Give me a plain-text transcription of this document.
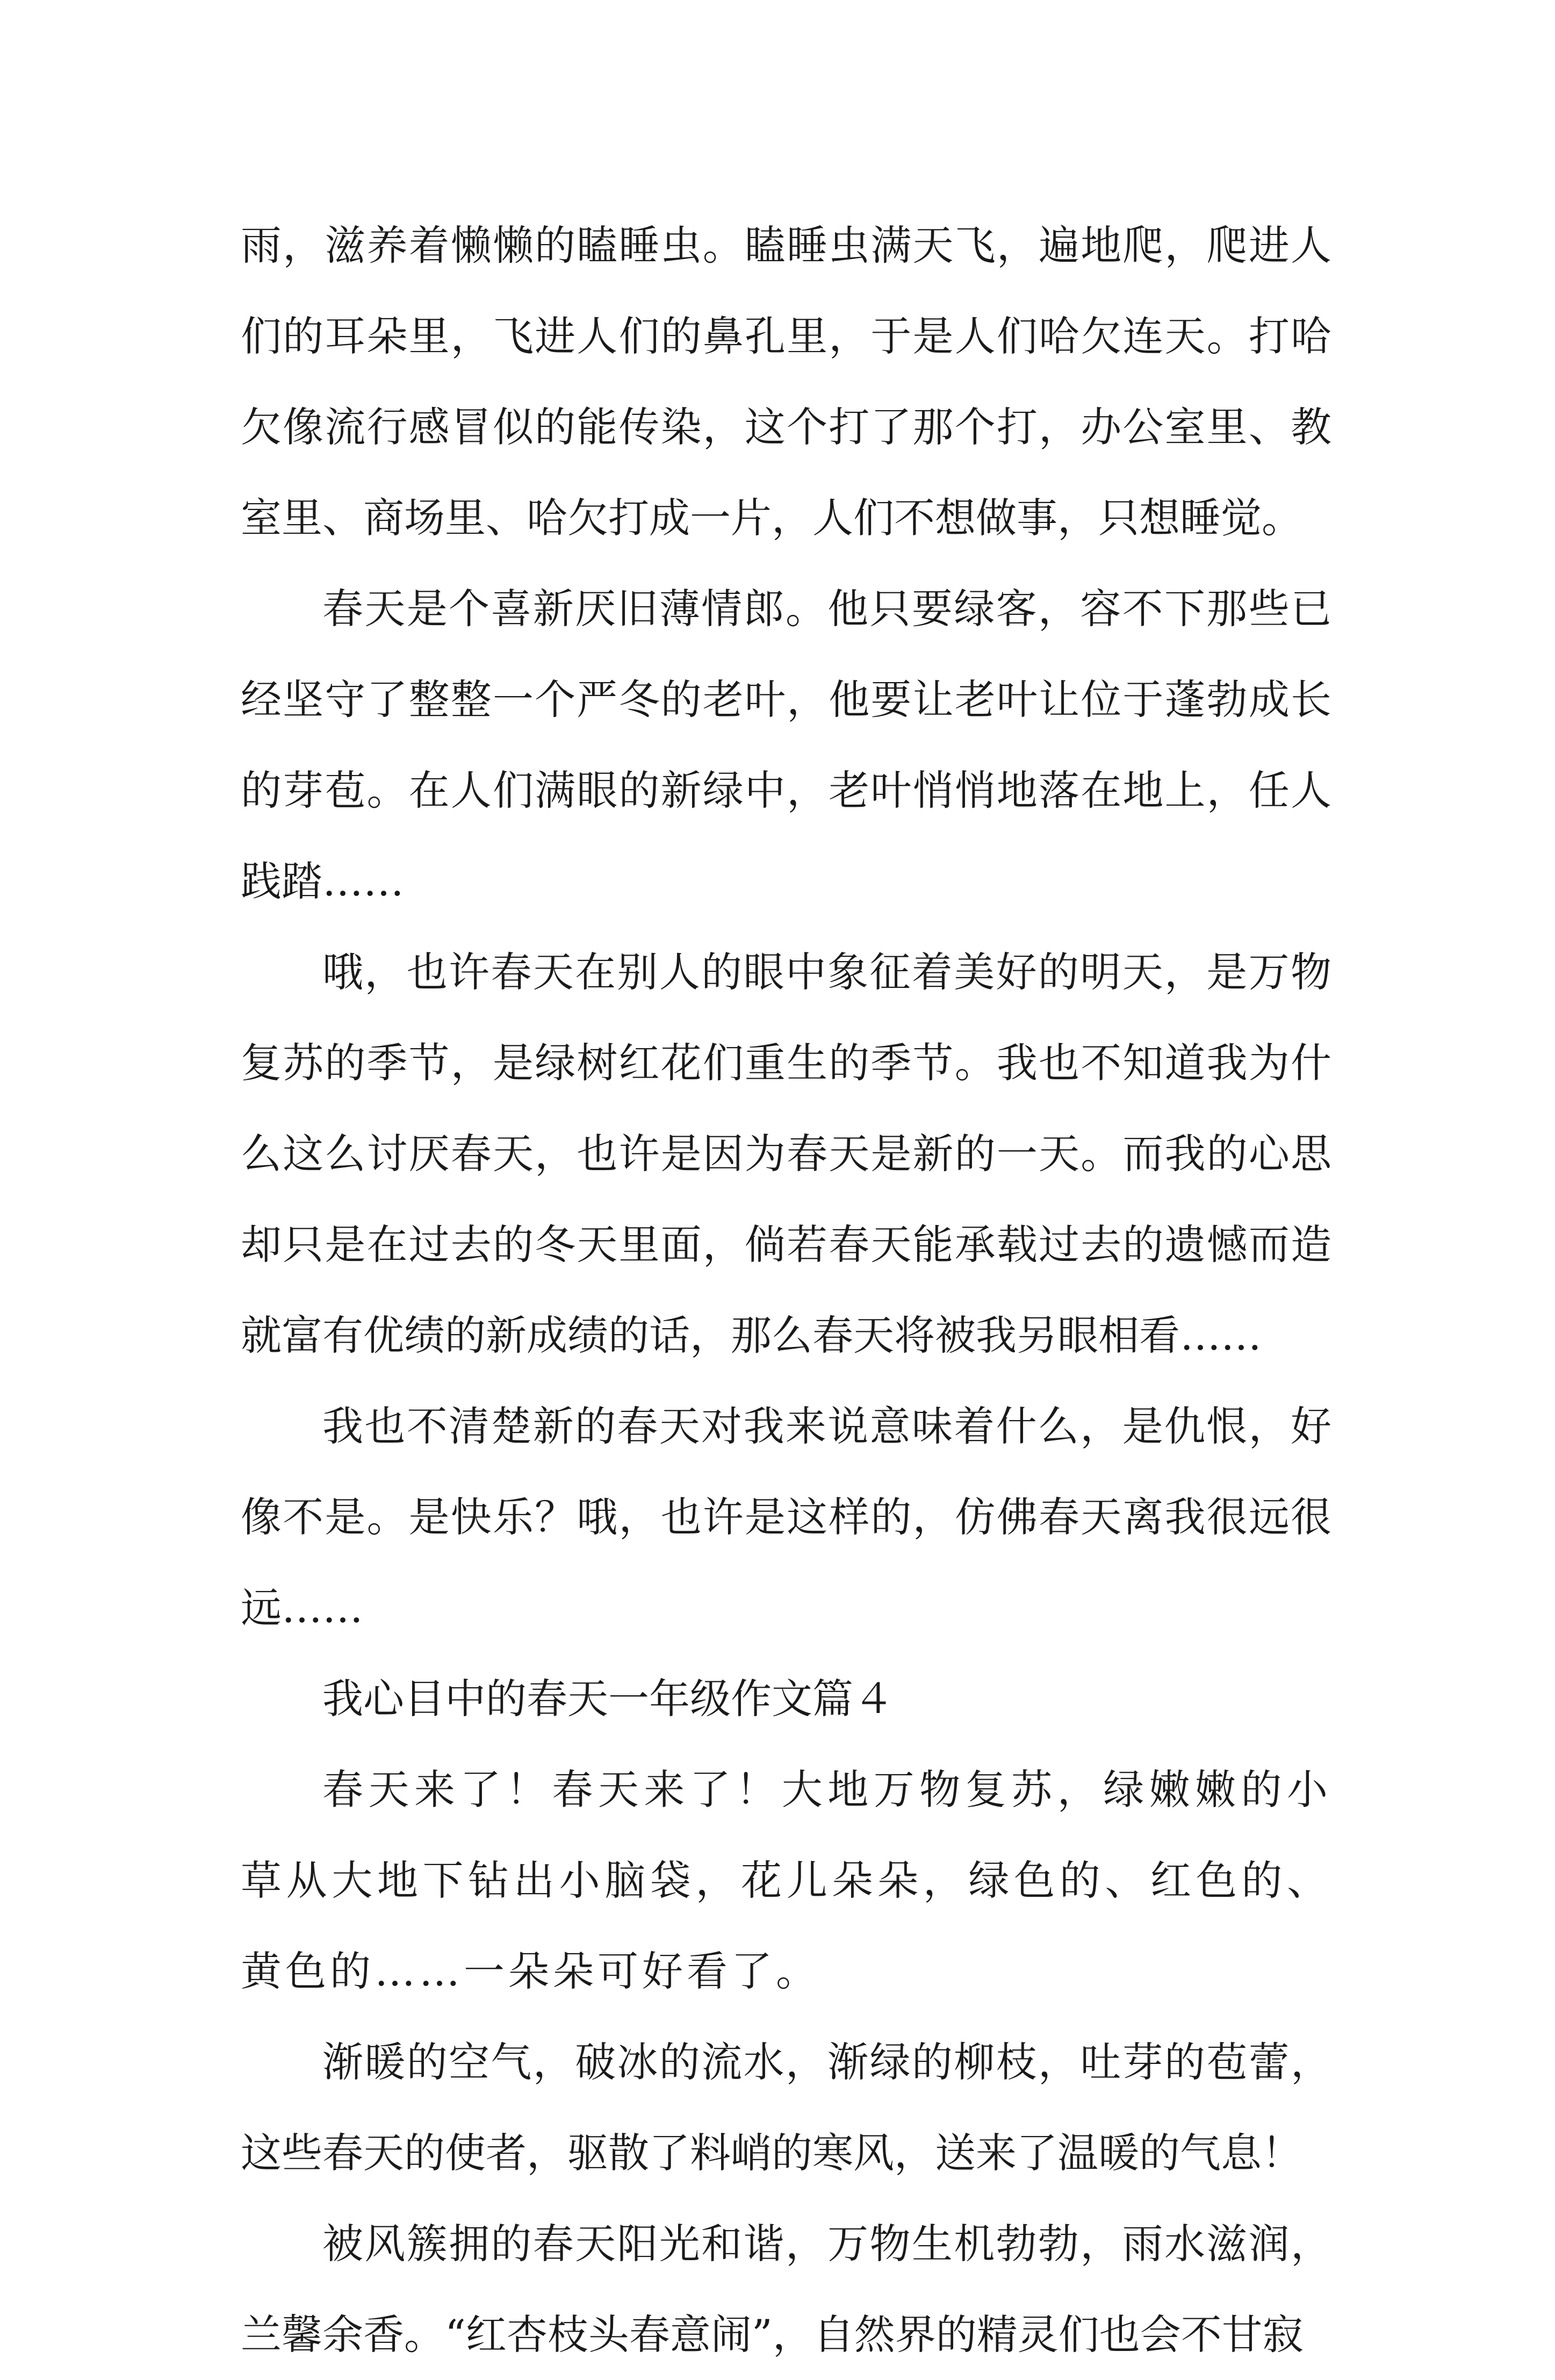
雨，滋养着懒懒的瞌睡虫。瞌睡虫满天飞，遍地爬，爬进人们的耳朵里，飞进人们的鼻孔里，于是人们哈欠连天。打哈欠像流行感冒似的能传染，这个打了那个打，办公室里、教室里、商场里、哈欠打成一片，人们不想做事，只想睡觉。

春天是个喜新厌旧薄情郎。他只要绿客，容不下那些已经坚守了整整一个严冬的老叶，他要让老叶让位于蓬勃成长的芽苞。在人们满眼的新绿中，老叶悄悄地落在地上，任人践踏……

哦，也许春天在别人的眼中象征着美好的明天，是万物复苏的季节，是绿树红花们重生的季节。我也不知道我为什么这么讨厌春天，也许是因为春天是新的一天。而我的心思却只是在过去的冬天里面，倘若春天能承载过去的遗憾而造就富有优绩的新成绩的话，那么春天将被我另眼相看……

我也不清楚新的春天对我来说意味着什么，是仇恨，好像不是。是快乐？哦，也许是这样的，仿佛春天离我很远很远……

我心目中的春天一年级作文篇４

春天来了！春天来了！大地万物复苏，绿嫩嫩的小草从大地下钻出小脑袋，花儿朵朵，绿色的、红色的、黄色的……一朵朵可好看了。

渐暖的空气，破冰的流水，渐绿的柳枝，吐芽的苞蕾，这些春天的使者，驱散了料峭的寒风，送来了温暖的气息！

被风簇拥的春天阳光和谐，万物生机勃勃，雨水滋润，兰馨余香。“红杏枝头春意闹”，自然界的精灵们也会不甘寂
